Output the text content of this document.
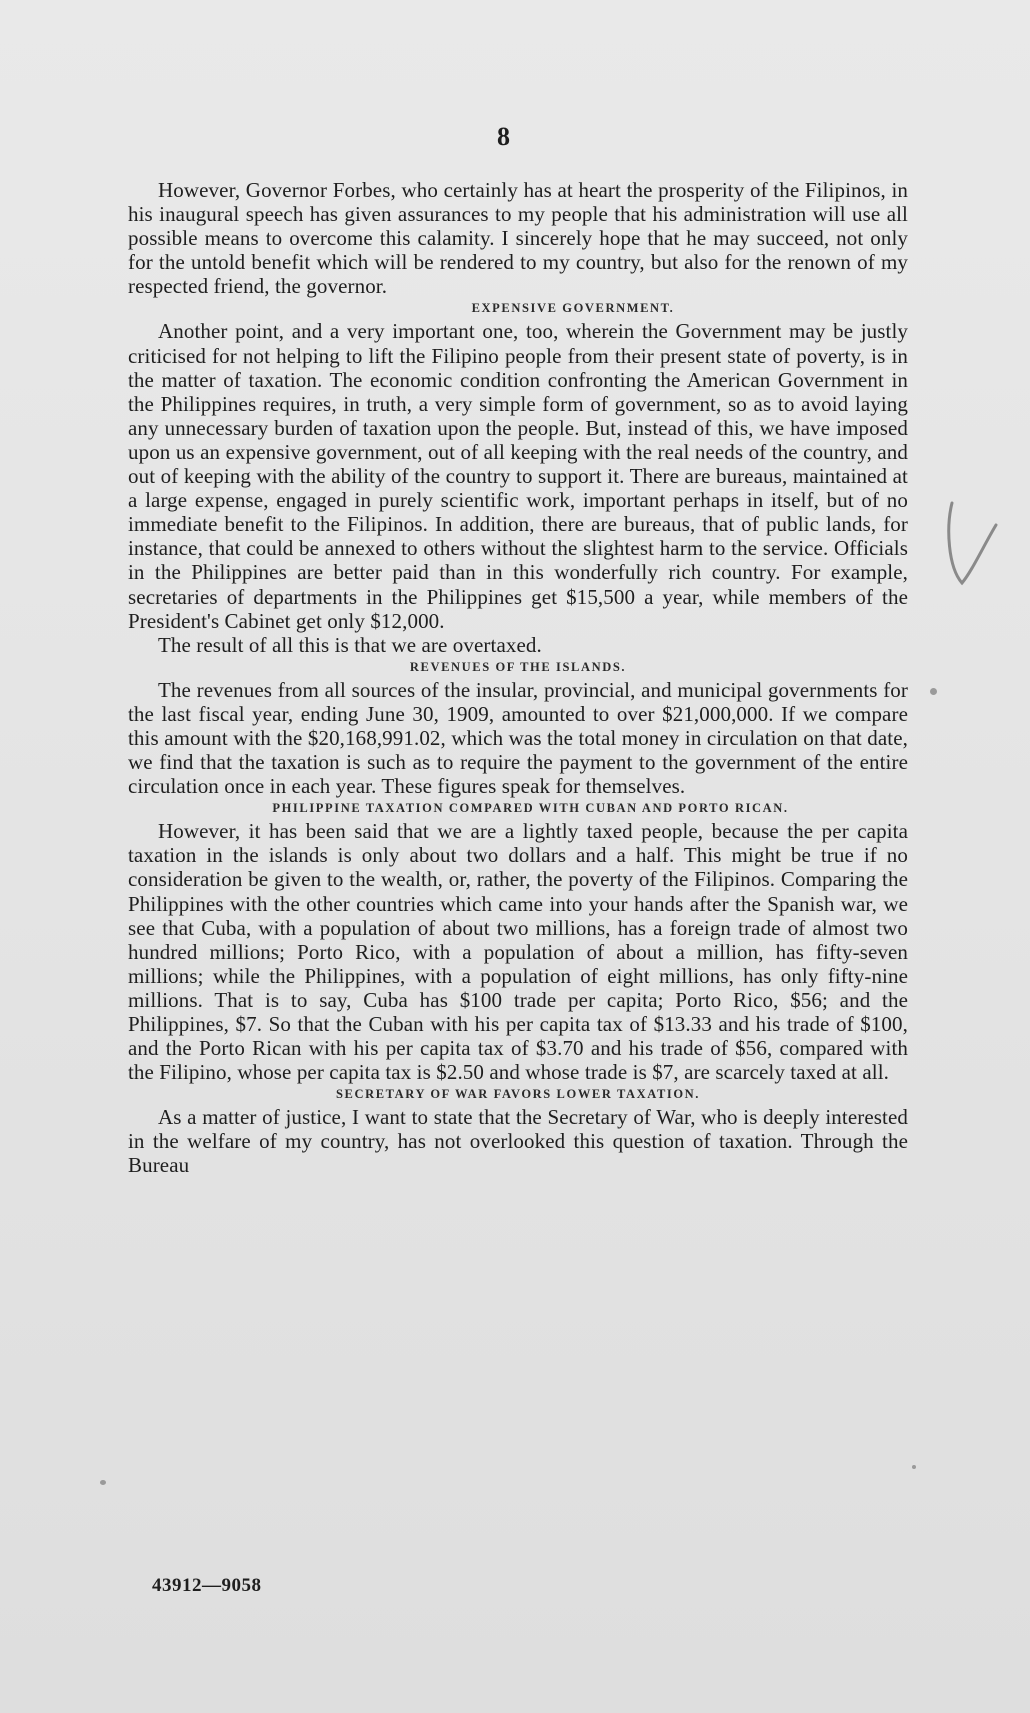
8

However, Governor Forbes, who certainly has at heart the prosperity of the Filipinos, in his inaugural speech has given assurances to my people that his administration will use all possible means to overcome this calamity. I sincerely hope that he may succeed, not only for the untold benefit which will be rendered to my country, but also for the renown of my respected friend, the governor.

EXPENSIVE GOVERNMENT.

Another point, and a very important one, too, wherein the Government may be justly criticised for not helping to lift the Filipino people from their present state of poverty, is in the matter of taxation. The economic condition confronting the American Government in the Philippines requires, in truth, a very simple form of government, so as to avoid laying any unnecessary burden of taxation upon the people. But, instead of this, we have imposed upon us an expensive government, out of all keeping with the real needs of the country, and out of keeping with the ability of the country to support it. There are bureaus, maintained at a large expense, engaged in purely scientific work, important perhaps in itself, but of no immediate benefit to the Filipinos. In addition, there are bureaus, that of public lands, for instance, that could be annexed to others without the slightest harm to the service. Officials in the Philippines are better paid than in this wonderfully rich country. For example, secretaries of departments in the Philippines get $15,500 a year, while members of the President's Cabinet get only $12,000.

The result of all this is that we are overtaxed.

REVENUES OF THE ISLANDS.

The revenues from all sources of the insular, provincial, and municipal governments for the last fiscal year, ending June 30, 1909, amounted to over $21,000,000. If we compare this amount with the $20,168,991.02, which was the total money in circulation on that date, we find that the taxation is such as to require the payment to the government of the entire circulation once in each year. These figures speak for themselves.

PHILIPPINE TAXATION COMPARED WITH CUBAN AND PORTO RICAN.

However, it has been said that we are a lightly taxed people, because the per capita taxation in the islands is only about two dollars and a half. This might be true if no consideration be given to the wealth, or, rather, the poverty of the Filipinos. Comparing the Philippines with the other countries which came into your hands after the Spanish war, we see that Cuba, with a population of about two millions, has a foreign trade of almost two hundred millions; Porto Rico, with a population of about a million, has fifty-seven millions; while the Philippines, with a population of eight millions, has only fifty-nine millions. That is to say, Cuba has $100 trade per capita; Porto Rico, $56; and the Philippines, $7. So that the Cuban with his per capita tax of $13.33 and his trade of $100, and the Porto Rican with his per capita tax of $3.70 and his trade of $56, compared with the Filipino, whose per capita tax is $2.50 and whose trade is $7, are scarcely taxed at all.

SECRETARY OF WAR FAVORS LOWER TAXATION.

As a matter of justice, I want to state that the Secretary of War, who is deeply interested in the welfare of my country, has not overlooked this question of taxation. Through the Bureau

43912—9058
